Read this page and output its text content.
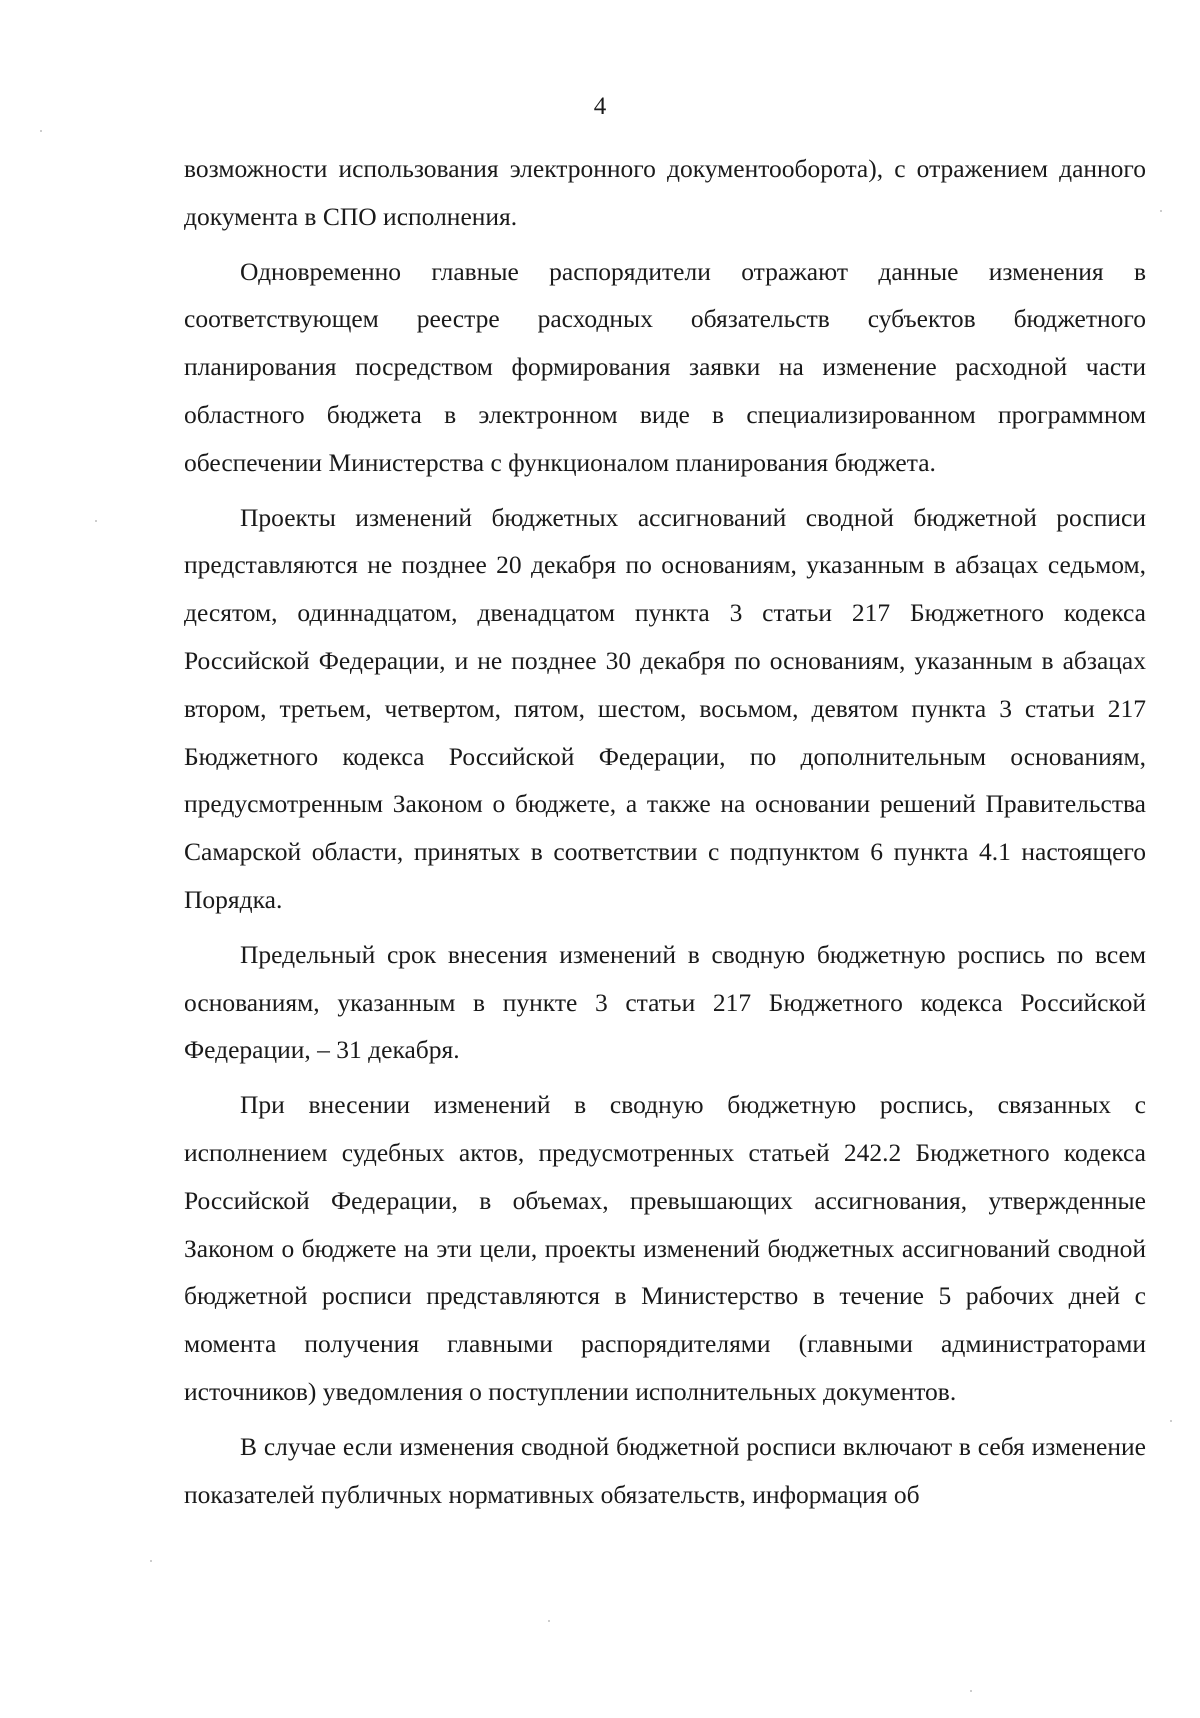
4

возможности использования электронного документооборота), с отражением данного документа в СПО исполнения.

Одновременно главные распорядители отражают данные изменения в соответствующем реестре расходных обязательств субъектов бюджетного планирования посредством формирования заявки на изменение расходной части областного бюджета в электронном виде в специализированном программном обеспечении Министерства с функционалом планирования бюджета.

Проекты изменений бюджетных ассигнований сводной бюджетной росписи представляются не позднее 20 декабря по основаниям, указанным в абзацах седьмом, десятом, одиннадцатом, двенадцатом пункта 3 статьи 217 Бюджетного кодекса Российской Федерации, и не позднее 30 декабря по основаниям, указанным в абзацах втором, третьем, четвертом, пятом, шестом, восьмом, девятом пункта 3 статьи 217 Бюджетного кодекса Российской Федерации, по дополнительным основаниям, предусмотренным Законом о бюджете, а также на основании решений Правительства Самарской области, принятых в соответствии с подпунктом 6 пункта 4.1 настоящего Порядка.

Предельный срок внесения изменений в сводную бюджетную роспись по всем основаниям, указанным в пункте 3 статьи 217 Бюджетного кодекса Российской Федерации, – 31 декабря.

При внесении изменений в сводную бюджетную роспись, связанных с исполнением судебных актов, предусмотренных статьей 242.2 Бюджетного кодекса Российской Федерации, в объемах, превышающих ассигнования, утвержденные Законом о бюджете на эти цели, проекты изменений бюджетных ассигнований сводной бюджетной росписи представляются в Министерство в течение 5 рабочих дней с момента получения главными распорядителями (главными администраторами источников) уведомления о поступлении исполнительных документов.

В случае если изменения сводной бюджетной росписи включают в себя изменение показателей публичных нормативных обязательств, информация об
